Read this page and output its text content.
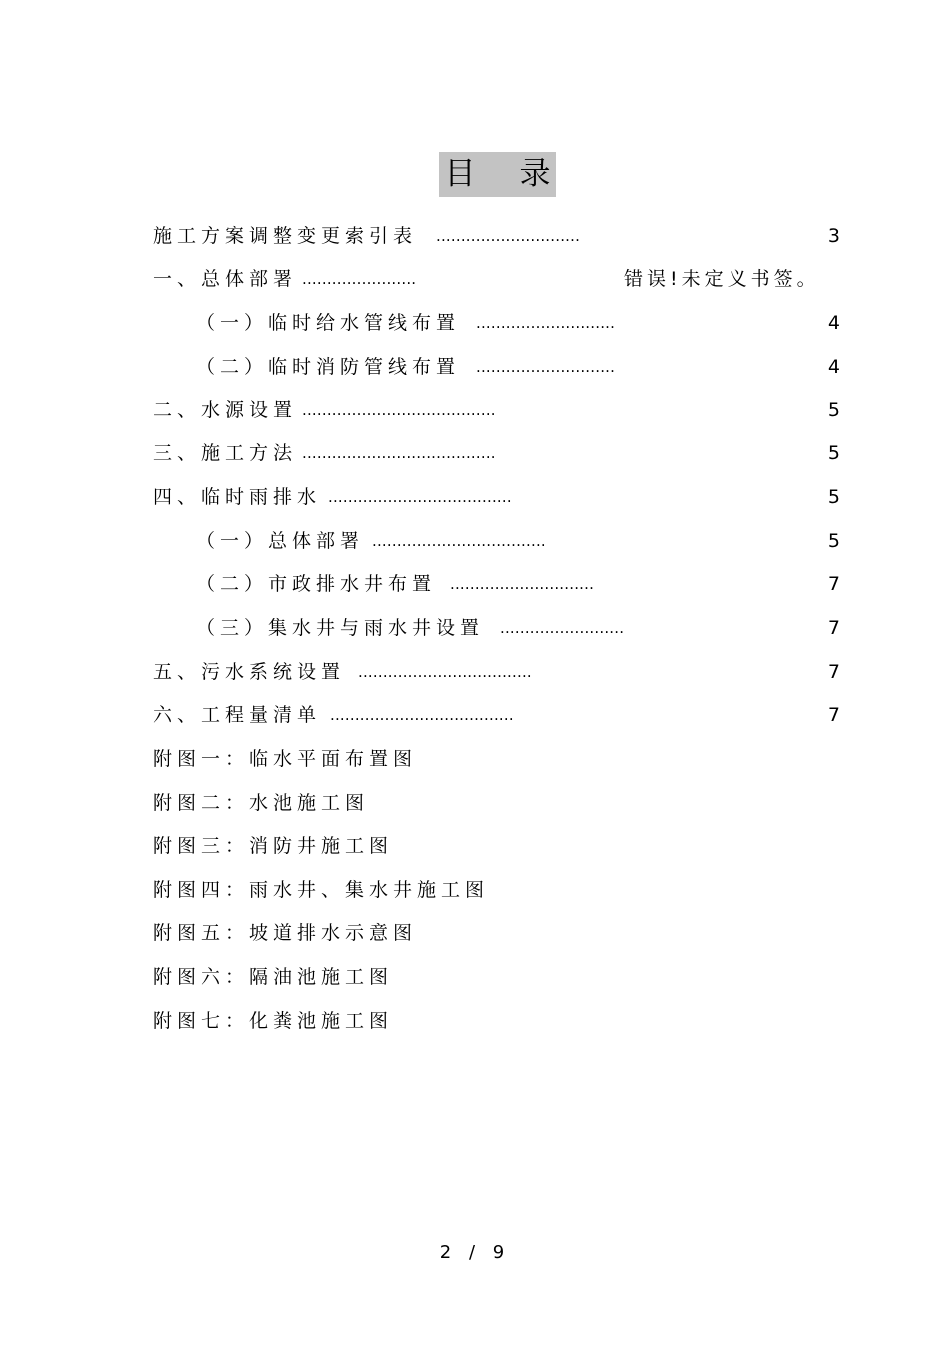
目 录
施工方案调整变更索引表 .............................	3
一、总体部署 .......................	错误!未定义书签。
（一）临时给水管线布置 ............................	4
（二）临时消防管线布置 ............................	4
二、水源设置 .......................................	5
三、施工方法 .......................................	5
四、临时雨排水 .....................................	5
（一）总体部署 ...................................	5
（二）市政排水井布置 .............................	7
（三）集水井与雨水井设置 .........................	7
五、污水系统设置 ...................................	7
六、工程量清单 .....................................	7
附图一：临水平面布置图
附图二：水池施工图
附图三：消防井施工图
附图四：雨水井、集水井施工图
附图五：坡道排水示意图
附图六：隔油池施工图
附图七：化粪池施工图
2 / 9
